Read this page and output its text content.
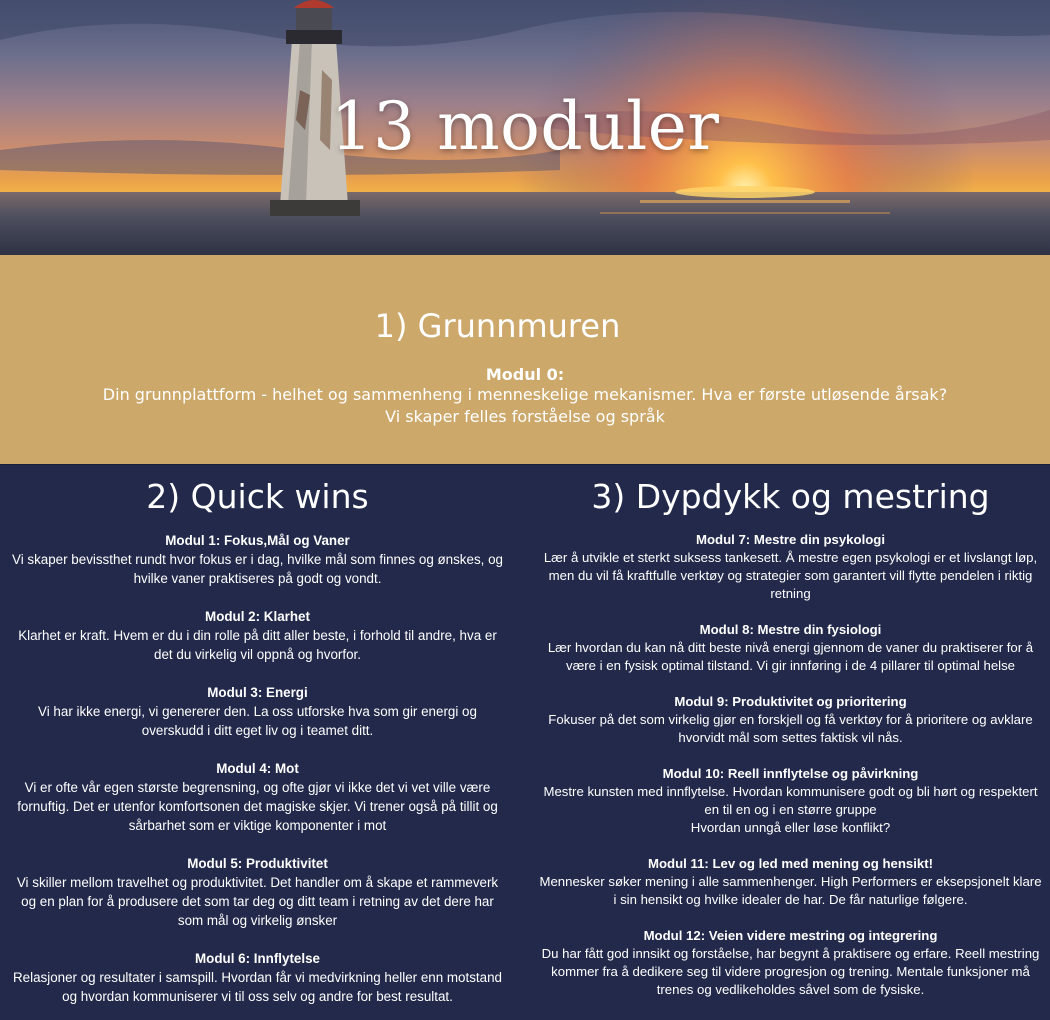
13 moduler
1) Grunnmuren
Modul 0:
Din grunnplattform - helhet og sammenheng i menneskelige mekanismer. Hva er første utløsende årsak?
Vi skaper felles forståelse og språk
2) Quick wins
Modul 1: Fokus,Mål og Vaner
Vi skaper bevissthet rundt hvor fokus er i dag, hvilke mål som finnes og ønskes, og hvilke vaner praktiseres på godt og vondt.
Modul 2: Klarhet
Klarhet er kraft. Hvem er du i din rolle på ditt aller beste, i forhold til andre, hva er det du virkelig vil oppnå og hvorfor.
Modul 3: Energi
Vi har ikke energi, vi genererer den. La oss utforske hva som gir energi og overskudd i ditt eget liv og i teamet ditt.
Modul 4: Mot
Vi er ofte vår egen største begrensning, og ofte gjør vi ikke det vi vet ville være fornuftig. Det er utenfor komfortsonen det magiske skjer. Vi trener også på tillit og sårbarhet som er viktige komponenter i mot
Modul 5: Produktivitet
Vi skiller mellom travelhet og produktivitet. Det handler om å skape et rammeverk og en plan for å produsere det som tar deg og ditt team i retning av det dere har som mål og virkelig ønsker
Modul 6: Innflytelse
Relasjoner og resultater i samspill. Hvordan får vi medvirkning heller enn motstand og hvordan kommuniserer vi til oss selv og andre for best resultat.
3) Dypdykk og mestring
Modul 7: Mestre din psykologi
Lær å utvikle et sterkt suksess tankesett. Å mestre egen psykologi er et livslangt løp, men du vil få kraftfulle verktøy og strategier som garantert vill flytte pendelen i riktig retning
Modul 8: Mestre din fysiologi
Lær hvordan du kan nå ditt beste nivå energi gjennom de vaner du praktiserer for å være i en fysisk optimal tilstand. Vi gir innføring i de 4 pillarer til optimal helse
Modul 9: Produktivitet og prioritering
Fokuser på det som virkelig gjør en forskjell og få verktøy for å prioritere og avklare hvorvidt mål som settes faktisk vil nås.
Modul 10: Reell innflytelse og påvirkning
Mestre kunsten med innflytelse. Hvordan kommunisere godt og bli hørt og respektert en til en og i en større gruppe
Hvordan unngå eller løse konflikt?
Modul 11: Lev og led med mening og hensikt!
Mennesker søker mening i alle sammenhenger. High Performers er eksepsjonelt klare i sin hensikt og hvilke idealer de har. De får naturlige følgere.
Modul 12: Veien videre mestring og integrering
Du har fått god innsikt og forståelse, har begynt å praktisere og erfare. Reell mestring kommer fra å dedikere seg til videre progresjon og trening. Mentale funksjoner må trenes og vedlikeholdes såvel som de fysiske.
